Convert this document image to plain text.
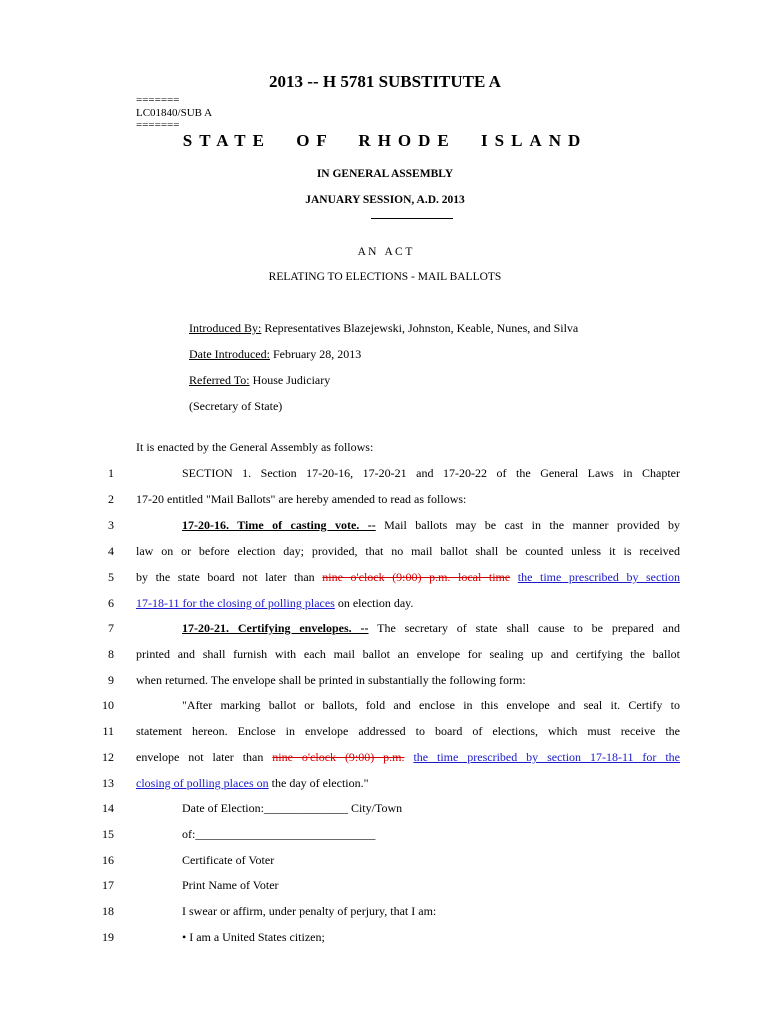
2013 -- H 5781 SUBSTITUTE A
=======
LC01840/SUB A
=======
STATE OF RHODE ISLAND
IN GENERAL ASSEMBLY
JANUARY SESSION, A.D. 2013
A N   A C T
RELATING TO ELECTIONS - MAIL BALLOTS
Introduced By: Representatives Blazejewski, Johnston, Keable, Nunes, and Silva
Date Introduced: February 28, 2013
Referred To: House Judiciary
(Secretary of State)
It is enacted by the General Assembly as follows:
1
2
3
4
5
6
7
8
9
10
11
12
13
14
15
16
17
18
19
SECTION 1. Section 17-20-16, 17-20-21 and 17-20-22 of the General Laws in Chapter
17-20 entitled "Mail Ballots" are hereby amended to read as follows:
17-20-16. Time of casting vote. -- Mail ballots may be cast in the manner provided by
law on or before election day; provided, that no mail ballot shall be counted unless it is received
by the state board not later than nine o'clock (9:00) p.m. local time the time prescribed by section
17-18-11 for the closing of polling places on election day.
17-20-21. Certifying envelopes. -- The secretary of state shall cause to be prepared and
printed and shall furnish with each mail ballot an envelope for sealing up and certifying the ballot
when returned. The envelope shall be printed in substantially the following form:
"After marking ballot or ballots, fold and enclose in this envelope and seal it. Certify to
statement hereon. Enclose in envelope addressed to board of elections, which must receive the
envelope not later than nine o'clock (9:00) p.m. the time prescribed by section 17-18-11 for the
closing of polling places on the day of election."
Date of Election:______________ City/Town
of:______________________________
Certificate of Voter
Print Name of Voter
I swear or affirm, under penalty of perjury, that I am:
• I am a United States citizen;
